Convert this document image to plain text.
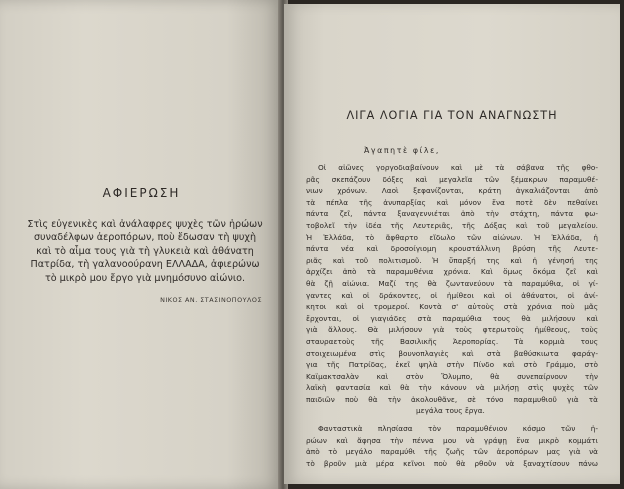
ΑΦΙΕΡΩΣΗ
Στὶς εὐγενικὲς καὶ ἀνάλαφρες ψυχὲς τῶν ἡρώων
συναδέλφων ἀεροπόρων, ποὺ ἔδωσαν τὴ ψυχὴ
καὶ τὸ αἷμα τους γιὰ τὴ γλυκειὰ καὶ ἀθάνατη
Πατρίδα, τὴ γαλανοούρανη ΕΛΛΑΔΑ, ἀφιερώνω
τὸ μικρὸ μου ἔργο γιὰ μνημόσυνο αἰώνιο.
ΝΙΚΟΣ ΑΝ. ΣΤΑΣΙΝΟΠΟΥΛΟΣ
ΛΙΓΑ ΛΟΓΙΑ ΓΙΑ ΤΟΝ ΑΝΑΓΝΩΣΤΗ
Ἀγαπητὲ φίλε,
Οἱ αἰῶνες γοργοδιαβαίνουν καὶ μὲ τὰ σάβανα τῆς φθο-
ρᾶς σκεπάζουν δόξες καὶ μεγαλεῖα τῶν ξέμακρων παραμυθέ-
νιων χρόνων. Λαοὶ ξεφανίζονται, κράτη ἀγκαλιάζονται ἀπὸ
τὰ πέπλα τῆς ἀνυπαρξίας καὶ μόνον ἕνα ποτὲ δὲν πεθαίνει
πάντα ζεῖ, πάντα ξαναγεννιέται ἀπὸ τὴν στάχτη, πάντα φω-
τοβολεῖ τὴν ἰδέα τῆς Λευτεριᾶς, τῆς Δόξας καὶ τοῦ μεγαλείου.
Ἡ Ἑλλάδα, τὸ ἄφθαρτο εἴδωλο τῶν αἰώνων. Ἡ Ἑλλάδα, ἡ
πάντα νέα καὶ δροσοίγιομη κρουστάλλινη βρύση τῆς Λευτε-
ριᾶς καὶ τοῦ πολιτισμοῦ. Ἡ ὕπαρξή της καὶ ἡ γένησή της
ἀρχίζει ἀπὸ τὰ παραμυθένια χρόνια. Καὶ ὅμως ὅκόμα ζεῖ καὶ
θὰ ζῇ αἰώνια. Μαζί της θὰ ζωντανεύουν τὰ παραμύθια, οἱ γί-
γαντες καὶ οἱ δράκοντες, οἱ ἡμίθεοι καὶ οἱ ἀθάνατοι, οἱ ἀνί-
κητοι καὶ οἱ τρομεροί. Κοντὰ σ' αὐτοὺς στὰ χρόνια ποὺ μᾶς
ἔρχονται, οἱ γιαγιάδες στὰ παραμύθια τους θὰ μιλήσουν καὶ
γιὰ ἄλλους. Θὰ μιλήσουν γιὰ τοὺς φτερωτοὺς ἡμίθεους, τοὺς
σταυραετοὺς τῆς Βασιλικῆς Ἀεροπορίας. Τὰ κορμιὰ τους
στοιχειωμένα στὶς βουνοπλαγιὲς καὶ στὰ βαθύσκιωτα φαράγ-
για τῆς Πατρίδας, ἐκεῖ ψηλὰ στὴν Πίνδο καὶ στὸ Γράμμο, στὸ
Καϊμακτσαλὰν καὶ στὸν Ὄλυμπο, θὰ συνεπαίρνουν τὴν
λαϊκὴ φαντασία καὶ θὰ τὴν κάνουν νὰ μιλήσῃ στὶς ψυχὲς τῶν
παιδιῶν ποὺ θὰ τὴν ἀκολουθᾶνε, σὲ τόνο παραμυθιοῦ γιὰ τὰ
μεγάλα τους ἔργα.
Φανταστικὰ πλησίασα τὸν παραμυθένιον κόσμο τῶν ἡ-
ρώων καὶ ἄφησα τὴν πέννα μου νὰ γράψῃ ἕνα μικρὸ κομμάτι
ἀπὸ τὸ μεγάλο παραμύθι τῆς ζωῆς τῶν ἀεροπόρων μας γιὰ νὰ
τὸ βροῦν μιὰ μέρα κεῖνοι ποὺ θὰ ρθοῦν νὰ ξαναχτίσουν πάνω
